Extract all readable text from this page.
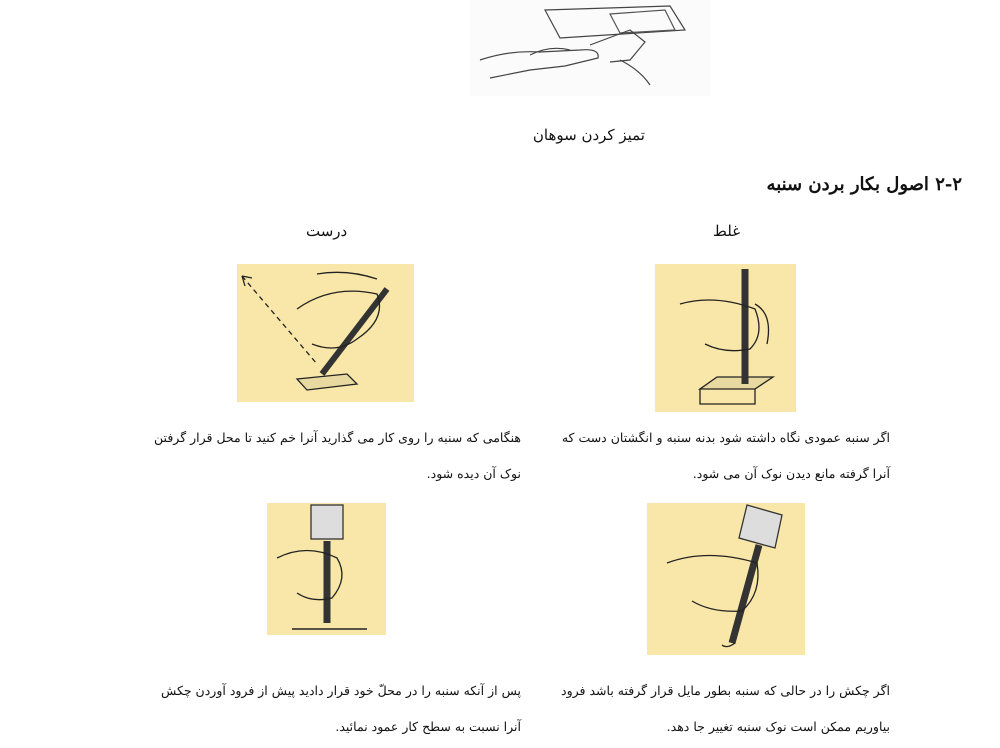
تمیز کردن سوهان
۲-۲ اصول بکار بردن سنبه
درست	غلط
هنگامی که سنبه را روی کار می گذارید آنرا خم کنید تا محل قرار گرفتن
نوک آن دیده شود.
اگر سنبه عمودی نگاه داشته شود بدنه سنبه و انگشتان دست که
آنرا گرفته مانع دیدن نوک آن می شود.
پس از آنکه سنبه را در محلّ خود قرار دادید پیش از فرود آوردن چکش
آنرا نسبت به سطح کار عمود نمائید.
اگر چکش را در حالی که سنبه بطور مایل قرار گرفته باشد فرود
بیاوریم ممکن است نوک سنبه تغییر جا دهد.
